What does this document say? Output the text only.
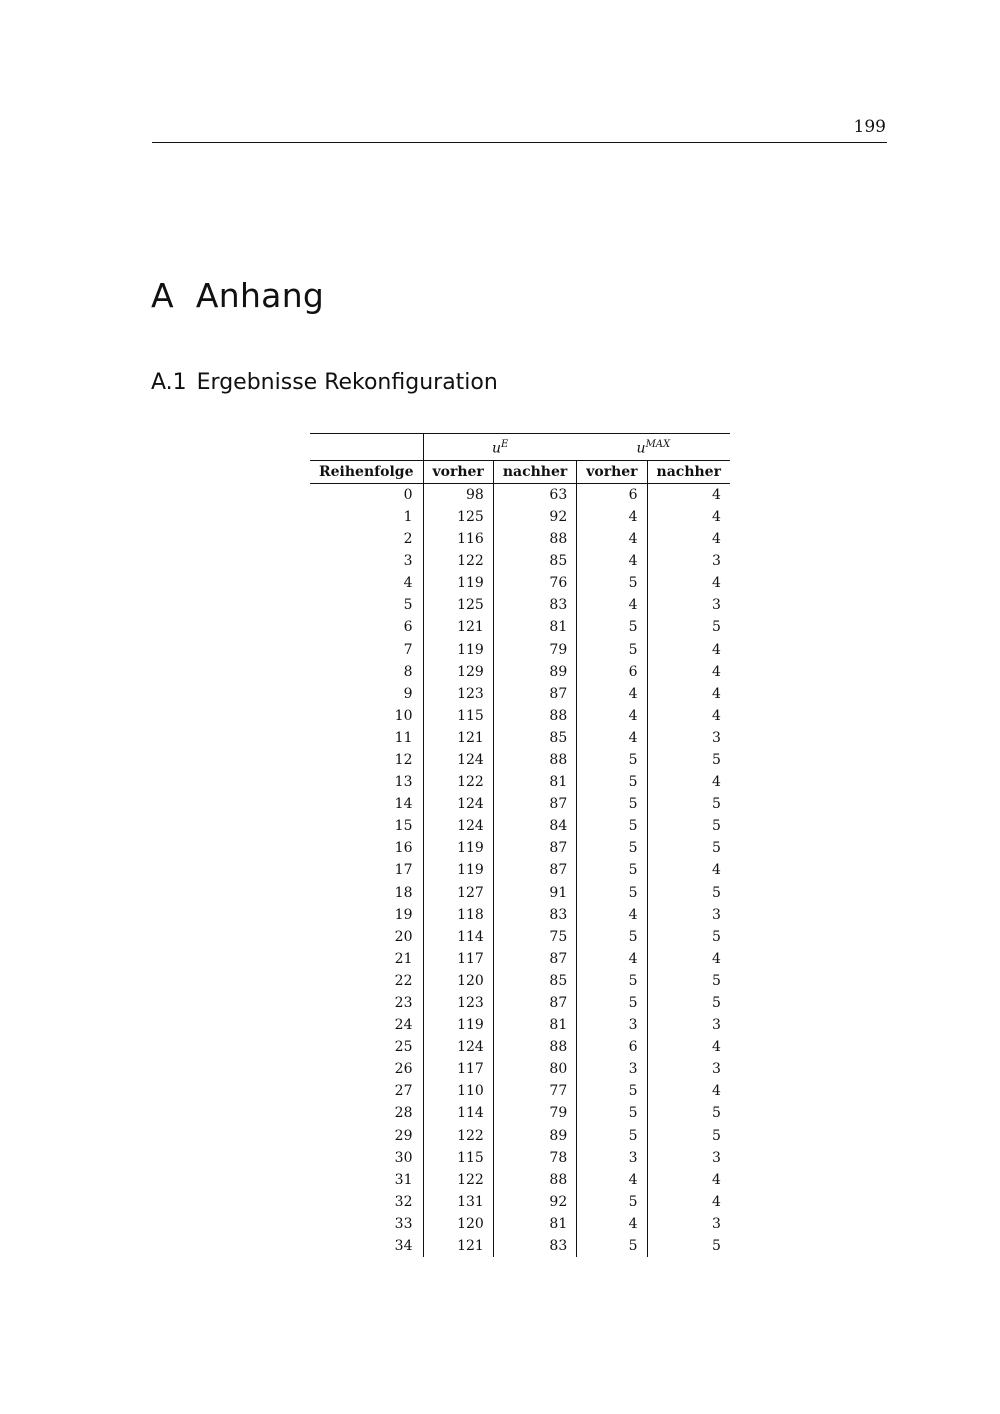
199
A Anhang
A.1 Ergebnisse Rekonfiguration
	$u^E$		$u^{MAX}$
Reihenfolge	vorher	nachher	vorher	nachher
0	98	63	6	4
1	125	92	4	4
2	116	88	4	4
3	122	85	4	3
4	119	76	5	4
5	125	83	4	3
6	121	81	5	5
7	119	79	5	4
8	129	89	6	4
9	123	87	4	4
10	115	88	4	4
11	121	85	4	3
12	124	88	5	5
13	122	81	5	4
14	124	87	5	5
15	124	84	5	5
16	119	87	5	5
17	119	87	5	4
18	127	91	5	5
19	118	83	4	3
20	114	75	5	5
21	117	87	4	4
22	120	85	5	5
23	123	87	5	5
24	119	81	3	3
25	124	88	6	4
26	117	80	3	3
27	110	77	5	4
28	114	79	5	5
29	122	89	5	5
30	115	78	3	3
31	122	88	4	4
32	131	92	5	4
33	120	81	4	3
34	121	83	5	5
